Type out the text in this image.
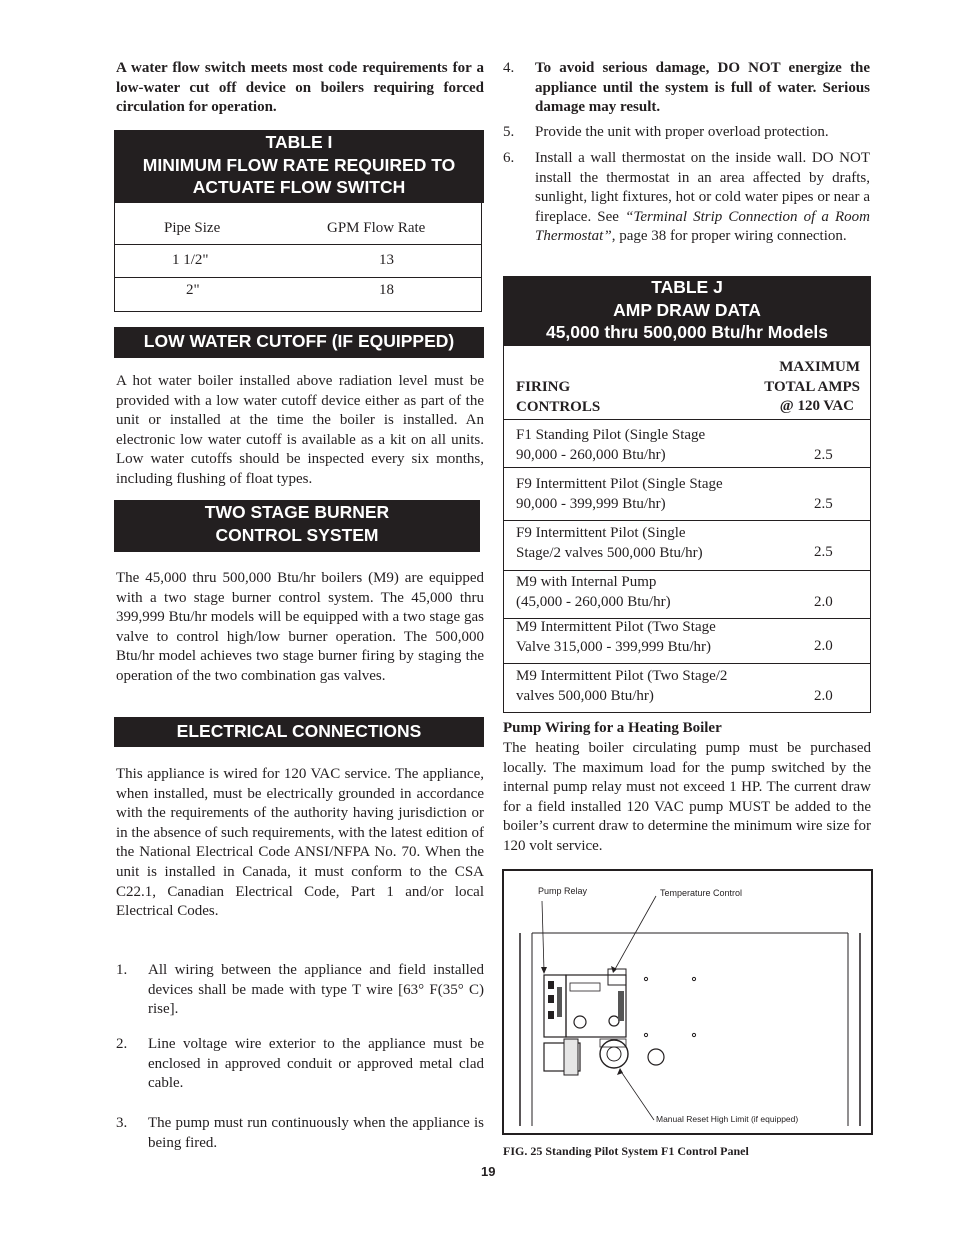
A water flow switch meets most code requirements for a low-water cut off device on boilers requiring forced circulation for operation.

TABLE I
MINIMUM FLOW RATE REQUIRED TO
ACTUATE FLOW SWITCH
Pipe Size	GPM Flow Rate
1 1/2"	13
2"	18
LOW WATER CUTOFF (IF EQUIPPED)

A hot water boiler installed above radiation level must be provided with a low water cutoff device either as part of the unit or installed at the time the boiler is installed. An electronic low water cutoff is available as a kit on all units. Low water cutoffs should be inspected every six months, including flushing of float types.

TWO STAGE BURNER
CONTROL SYSTEM

The 45,000 thru 500,000 Btu/hr boilers (M9) are equipped with a two stage burner control system. The 45,000 thru 399,999 Btu/hr models will be equipped with a two stage gas valve to control high/low burner operation. The 500,000 Btu/hr model achieves two stage burner firing by staging the operation of the two combination gas valves.

ELECTRICAL CONNECTIONS

This appliance is wired for 120 VAC service. The appliance, when installed, must be electrically grounded in accordance with the requirements of the authority having jurisdiction or in the absence of such requirements, with the latest edition of the National Electrical Code ANSI/NFPA No. 70. When the unit is installed in Canada, it must conform to the CSA C22.1, Canadian Electrical Code, Part 1 and/or local Electrical Codes.

1. All wiring between the appliance and field installed devices shall be made with type T wire [63° F(35° C) rise].
2. Line voltage wire exterior to the appliance must be enclosed in approved conduit or approved metal clad cable.
3. The pump must run continuously when the appliance is being fired.
4. To avoid serious damage, DO NOT energize the appliance until the system is full of water. Serious damage may result.
5. Provide the unit with proper overload protection.
6. Install a wall thermostat on the inside wall. DO NOT install the thermostat in an area affected by drafts, sunlight, light fixtures, hot or cold water pipes or near a fireplace. See “Terminal Strip Connection of a Room Thermostat”, page 38 for proper wiring connection.
TABLE J
AMP DRAW DATA
45,000 thru 500,000 Btu/hr Models
FIRING
CONTROLS
MAXIMUM
TOTAL AMPS
@ 120 VAC
F1 Standing Pilot (Single Stage
90,000 - 260,000 Btu/hr)	2.5
F9 Intermittent Pilot (Single Stage
90,000 - 399,999 Btu/hr)	2.5
F9 Intermittent Pilot (Single
Stage/2 valves 500,000 Btu/hr)	2.5
M9 with Internal Pump
(45,000 - 260,000 Btu/hr)	2.0
M9 Intermittent Pilot (Two Stage
Valve 315,000 - 399,999 Btu/hr)	2.0
M9 Intermittent Pilot (Two Stage/2
valves 500,000 Btu/hr)	2.0
Pump Wiring for a Heating Boiler

The heating boiler circulating pump must be purchased locally. The maximum load for the pump switched by the internal pump relay must not exceed 1 HP. The current draw for a field installed 120 VAC pump MUST be added to the boiler’s current draw to determine the minimum wire size for 120 volt service.

Pump Relay	Temperature Control
Manual Reset High Limit (if equipped)
FIG. 25 Standing Pilot System F1 Control Panel
19
